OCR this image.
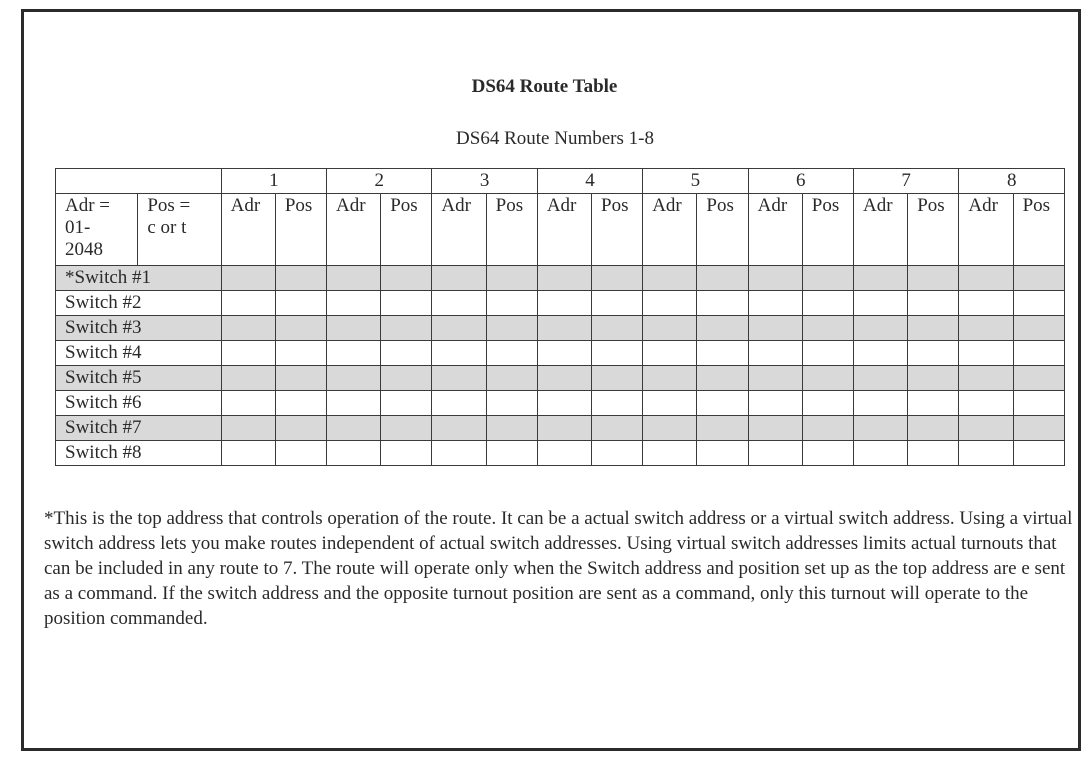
DS64 Route Table
DS64 Route Numbers 1-8
		1		2		3		4		5		6		7		8	
Adr =
01-
2048	Pos =
c or t	Adr	Pos	Adr	Pos	Adr	Pos	Adr	Pos	Adr	Pos	Adr	Pos	Adr	Pos	Adr	Pos
*Switch #1																	
Switch #2																	
Switch #3																	
Switch #4																	
Switch #5																	
Switch #6																	
Switch #7																	
Switch #8																	
*This is the top address that controls operation of the route. It can be a actual switch address or a virtual switch address. Using a virtual switch address lets you make routes independent of actual switch addresses. Using virtual switch addresses limits actual turnouts that can be included in any route to 7. The route will operate only when the Switch address and position set up as the top address are e sent as a command. If the switch address and the opposite turnout position are sent as a command, only this turnout will operate to the position commanded.
